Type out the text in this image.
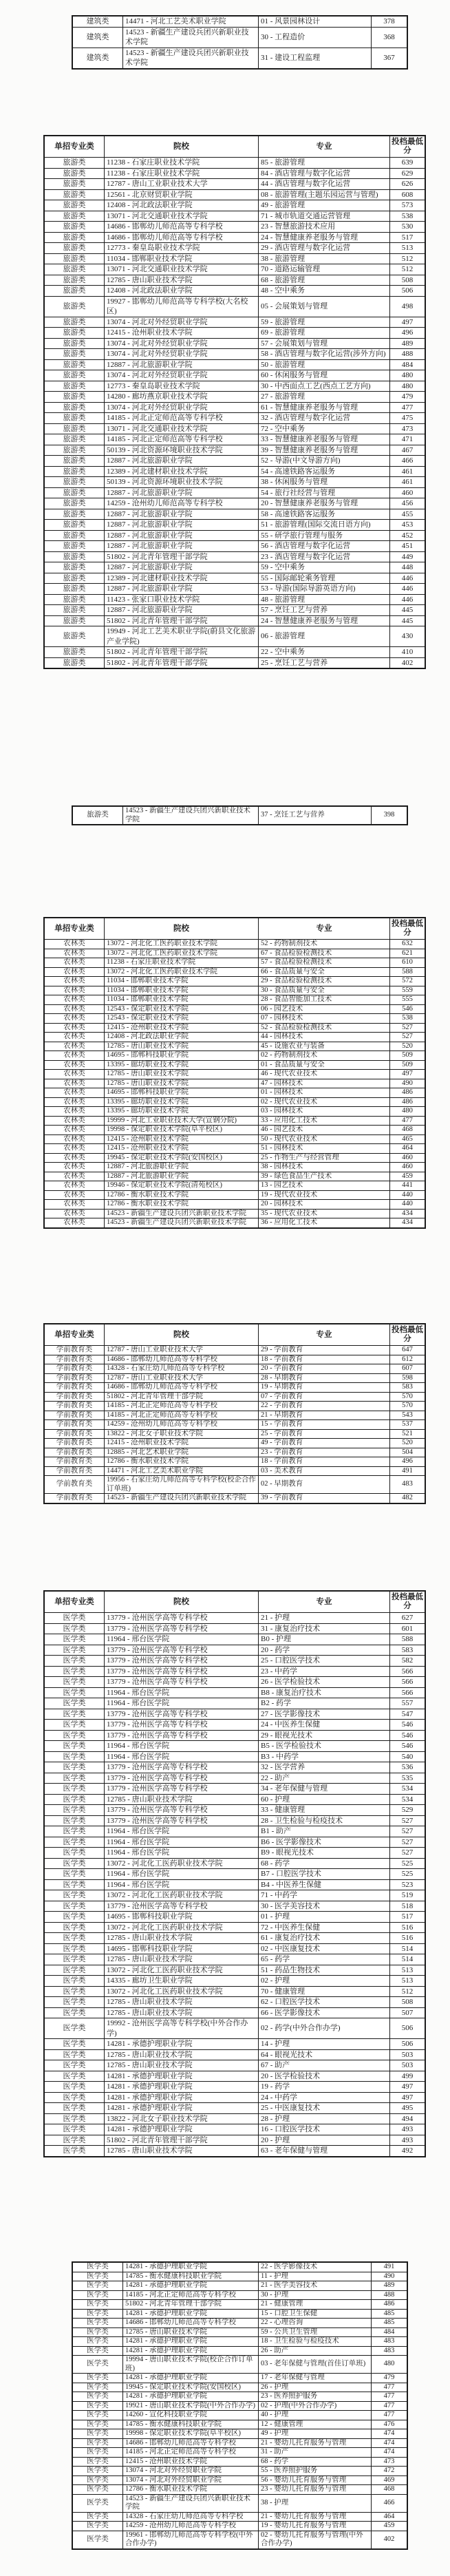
建筑类	14471 - 河北工艺美术职业学院	01 - 风景园林设计	378
建筑类	14523 - 新疆生产建设兵团兴新职业技术学院	30 - 工程造价	368
建筑类	14523 - 新疆生产建设兵团兴新职业技术学院	31 - 建设工程监理	367
单招专业类	院校	专业	投档最低分
旅游类	11238 - 石家庄职业技术学院	85 - 旅游管理	639
旅游类	11238 - 石家庄职业技术学院	84 - 酒店管理与数字化运营	629
旅游类	12787 - 唐山工业职业技术大学	44 - 酒店管理与数字化运营	626
旅游类	12561 - 北京财贸职业学院	08 - 旅游管理(主题乐园运营与管理)	608
旅游类	12408 - 河北政法职业学院	49 - 旅游管理	573
旅游类	13071 - 河北交通职业技术学院	71 - 城市轨道交通运营管理	538
旅游类	14686 - 邯郸幼儿师范高等专科学校	23 - 智慧旅游技术应用	530
旅游类	14686 - 邯郸幼儿师范高等专科学校	24 - 智慧健康养老服务与管理	517
旅游类	12773 - 秦皇岛职业技术学院	29 - 酒店管理与数字化运营	513
旅游类	11034 - 邯郸职业技术学院	38 - 旅游管理	512
旅游类	13071 - 河北交通职业技术学院	70 - 道路运输管理	512
旅游类	12785 - 唐山职业技术学院	68 - 旅游管理	508
旅游类	12408 - 河北政法职业学院	48 - 空中乘务	506
旅游类	19927 - 邯郸幼儿师范高等专科学校(大名校区)	05 - 会展策划与管理	498
旅游类	13074 - 河北对外经贸职业学院	59 - 旅游管理	497
旅游类	12415 - 沧州职业技术学院	69 - 旅游管理	496
旅游类	13074 - 河北对外经贸职业学院	57 - 会展策划与管理	489
旅游类	13074 - 河北对外经贸职业学院	58 - 酒店管理与数字化运营(涉外方向)	488
旅游类	12887 - 河北旅游职业学院	50 - 旅游管理	484
旅游类	13074 - 河北对外经贸职业学院	60 - 休闲服务与管理	480
旅游类	12773 - 秦皇岛职业技术学院	30 - 中西面点工艺(西点工艺方向)	480
旅游类	14280 - 廊坊燕京职业技术学院	27 - 旅游管理	479
旅游类	13074 - 河北对外经贸职业学院	61 - 智慧健康养老服务与管理	477
旅游类	14185 - 河北正定师范高等专科学校	32 - 酒店管理与数字化运营	475
旅游类	13071 - 河北交通职业技术学院	72 - 空中乘务	473
旅游类	14185 - 河北正定师范高等专科学校	33 - 智慧健康养老服务与管理	471
旅游类	50139 - 河北资源环境职业技术学院	39 - 智慧健康养老服务与管理	467
旅游类	12887 - 河北旅游职业学院	52 - 导游(中文导游方向)	466
旅游类	12389 - 河北建材职业技术学院	54 - 高速铁路客运服务	461
旅游类	50139 - 河北资源环境职业技术学院	38 - 休闲服务与管理	461
旅游类	12887 - 河北旅游职业学院	54 - 旅行社经营与管理	460
旅游类	14259 - 沧州幼儿师范高等专科学校	20 - 智慧健康养老服务与管理	456
旅游类	12887 - 河北旅游职业学院	58 - 高速铁路客运服务	455
旅游类	12887 - 河北旅游职业学院	51 - 旅游管理(国际交流日语方向)	453
旅游类	12887 - 河北旅游职业学院	55 - 研学旅行管理与服务	452
旅游类	12887 - 河北旅游职业学院	56 - 酒店管理与数字化运营	451
旅游类	51802 - 河北青年管理干部学院	23 - 酒店管理与数字化运营	449
旅游类	12887 - 河北旅游职业学院	59 - 空中乘务	448
旅游类	12389 - 河北建材职业技术学院	55 - 国际邮轮乘务管理	446
旅游类	12887 - 河北旅游职业学院	53 - 导游(国际导游英语方向)	446
旅游类	11423 - 张家口职业技术学院	48 - 旅游管理	446
旅游类	12887 - 河北旅游职业学院	57 - 烹饪工艺与营养	445
旅游类	51802 - 河北青年管理干部学院	24 - 智慧健康养老服务与管理	445
旅游类	19949 - 河北工艺美术职业学院(蔚县文化旅游产业学院)	06 - 旅游管理	430
旅游类	51802 - 河北青年管理干部学院	22 - 空中乘务	410
旅游类	51802 - 河北青年管理干部学院	25 - 烹饪工艺与营养	402
旅游类	14523 - 新疆生产建设兵团兴新职业技术学院	37 - 烹饪工艺与营养	398
单招专业类	院校	专业	投档最低分
农林类	13072 - 河北化工医药职业技术学院	52 - 药物制剂技术	632
农林类	13072 - 河北化工医药职业技术学院	67 - 食品检验检测技术	621
农林类	11238 - 石家庄职业技术学院	57 - 食品检验检测技术	610
农林类	13072 - 河北化工医药职业技术学院	66 - 食品质量与安全	588
农林类	11034 - 邯郸职业技术学院	29 - 食品检验检测技术	572
农林类	11034 - 邯郸职业技术学院	30 - 食品质量与安全	559
农林类	11034 - 邯郸职业技术学院	28 - 食品智能加工技术	555
农林类	12543 - 保定职业技术学院	06 - 园艺技术	546
农林类	12543 - 保定职业技术学院	07 - 园林技术	538
农林类	12415 - 沧州职业技术学院	52 - 食品检验检测技术	527
农林类	12408 - 河北政法职业学院	44 - 园林技术	527
农林类	12785 - 唐山职业技术学院	45 - 设施农业与装备	520
农林类	14695 - 邯郸科技职业学院	02 - 药物制剂技术	509
农林类	13395 - 廊坊职业技术学院	01 - 食品质量与安全	509
农林类	12785 - 唐山职业技术学院	46 - 现代农业技术	497
农林类	12785 - 唐山职业技术学院	47 - 园林技术	490
农林类	14695 - 邯郸科技职业学院	01 - 园林技术	486
农林类	13395 - 廊坊职业技术学院	02 - 现代农业技术	486
农林类	13395 - 廊坊职业技术学院	03 - 园林技术	480
农林类	19999 - 河北工业职业技术大学(宣钢分院)	33 - 应用化工技术	477
农林类	19998 - 保定职业技术学院(阜平校区)	46 - 园艺技术	468
农林类	12415 - 沧州职业技术学院	50 - 现代农业技术	465
农林类	12415 - 沧州职业技术学院	51 - 园林技术	464
农林类	19945 - 保定职业技术学院(安国校区)	25 - 作物生产与经营管理	460
农林类	12887 - 河北旅游职业学院	38 - 园林技术	460
农林类	12887 - 河北旅游职业学院	39 - 绿色食品生产技术	459
农林类	19946 - 保定职业技术学院(清苑校区)	13 - 园艺技术	441
农林类	12786 - 衡水职业技术学院	19 - 现代农业技术	440
农林类	12786 - 衡水职业技术学院	20 - 园林技术	440
农林类	14523 - 新疆生产建设兵团兴新职业技术学院	35 - 现代农业技术	434
农林类	14523 - 新疆生产建设兵团兴新职业技术学院	36 - 应用化工技术	434
单招专业类	院校	专业	投档最低分
学前教育类	12787 - 唐山工业职业技术大学	29 - 学前教育	647
学前教育类	14686 - 邯郸幼儿师范高等专科学校	18 - 学前教育	612
学前教育类	14328 - 石家庄幼儿师范高等专科学校	20 - 学前教育	607
学前教育类	12787 - 唐山工业职业技术大学	28 - 早期教育	598
学前教育类	14686 - 邯郸幼儿师范高等专科学校	19 - 早期教育	583
学前教育类	51802 - 河北青年管理干部学院	07 - 学前教育	570
学前教育类	14185 - 河北正定师范高等专科学校	22 - 学前教育	570
学前教育类	14185 - 河北正定师范高等专科学校	21 - 早期教育	543
学前教育类	14259 - 沧州幼儿师范高等专科学校	15 - 学前教育	537
学前教育类	13822 - 河北女子职业技术学院	25 - 学前教育	521
学前教育类	12415 - 沧州职业技术学院	49 - 学前教育	520
学前教育类	12885 - 河北艺术职业学院	23 - 学前教育	504
学前教育类	12786 - 衡水职业技术学院	18 - 学前教育	496
学前教育类	14471 - 河北工艺美术职业学院	03 - 美术教育	491
学前教育类	19956 - 石家庄幼儿师范高等专科学校(校企合作订单班)	02 - 早期教育	483
学前教育类	14523 - 新疆生产建设兵团兴新职业技术学院	39 - 学前教育	482
单招专业类	院校	专业	投档最低分
医学类	13779 - 沧州医学高等专科学校	21 - 护理	627
医学类	13779 - 沧州医学高等专科学校	31 - 康复治疗技术	601
医学类	11964 - 邢台医学院	B0 - 护理	588
医学类	13779 - 沧州医学高等专科学校	20 - 药学	583
医学类	13779 - 沧州医学高等专科学校	25 - 口腔医学技术	582
医学类	13779 - 沧州医学高等专科学校	23 - 中药学	566
医学类	13779 - 沧州医学高等专科学校	26 - 医学检验技术	566
医学类	11964 - 邢台医学院	B8 - 康复治疗技术	566
医学类	11964 - 邢台医学院	B2 - 药学	557
医学类	13779 - 沧州医学高等专科学校	27 - 医学影像技术	547
医学类	13779 - 沧州医学高等专科学校	24 - 中医养生保健	546
医学类	13779 - 沧州医学高等专科学校	29 - 眼视光技术	546
医学类	11964 - 邢台医学院	B5 - 医学检验技术	546
医学类	11964 - 邢台医学院	B3 - 中药学	540
医学类	13779 - 沧州医学高等专科学校	32 - 医学营养	536
医学类	13779 - 沧州医学高等专科学校	22 - 助产	535
医学类	13779 - 沧州医学高等专科学校	34 - 老年保健与管理	534
医学类	12785 - 唐山职业技术学院	60 - 护理	534
医学类	13779 - 沧州医学高等专科学校	33 - 健康管理	529
医学类	13779 - 沧州医学高等专科学校	28 - 卫生检验与检疫技术	527
医学类	11964 - 邢台医学院	B1 - 助产	527
医学类	11964 - 邢台医学院	B6 - 医学影像技术	527
医学类	11964 - 邢台医学院	B9 - 眼视光技术	527
医学类	13072 - 河北化工医药职业技术学院	68 - 药学	525
医学类	11964 - 邢台医学院	B7 - 口腔医学技术	525
医学类	11964 - 邢台医学院	B4 - 中医养生保健	523
医学类	13072 - 河北化工医药职业技术学院	71 - 中药学	519
医学类	13779 - 沧州医学高等专科学校	30 - 医学美容技术	518
医学类	14695 - 邯郸科技职业学院	01 - 护理	517
医学类	13072 - 河北化工医药职业技术学院	72 - 中医养生保健	516
医学类	12785 - 唐山职业技术学院	61 - 康复治疗技术	516
医学类	14695 - 邯郸科技职业学院	02 - 中医康复技术	514
医学类	12785 - 唐山职业技术学院	65 - 药学	514
医学类	13072 - 河北化工医药职业技术学院	51 - 药品生物技术	513
医学类	14335 - 廊坊卫生职业学院	02 - 护理	513
医学类	13072 - 河北化工医药职业技术学院	70 - 健康管理	512
医学类	12785 - 唐山职业技术学院	62 - 口腔医学技术	508
医学类	12785 - 唐山职业技术学院	66 - 医学影像技术	507
医学类	19992 - 沧州医学高等专科学校(中外合作办学)	02 - 药学(中外合作办学)	506
医学类	14281 - 承德护理职业学院	14 - 护理	506
医学类	12785 - 唐山职业技术学院	64 - 眼视光技术	503
医学类	12785 - 唐山职业技术学院	67 - 助产	503
医学类	14281 - 承德护理职业学院	20 - 医学检验技术	499
医学类	14281 - 承德护理职业学院	19 - 药学	497
医学类	14281 - 承德护理职业学院	24 - 中药学	497
医学类	14281 - 承德护理职业学院	25 - 中医康复技术	495
医学类	13822 - 河北女子职业技术学院	28 - 护理	494
医学类	14281 - 承德护理职业学院	16 - 口腔医学技术	493
医学类	51802 - 河北青年管理干部学院	20 - 护理	493
医学类	12785 - 唐山职业技术学院	63 - 老年保健与管理	492
医学类	14281 - 承德护理职业学院	22 - 医学影像技术	491
医学类	14785 - 衡水健康科技职业学院	11 - 护理	490
医学类	14281 - 承德护理职业学院	21 - 医学美容技术	489
医学类	14185 - 河北正定师范高等专科学校	30 - 护理	488
医学类	51802 - 河北青年管理干部学院	21 - 健康管理	486
医学类	14281 - 承德护理职业学院	15 - 口腔卫生保健	485
医学类	14686 - 邯郸幼儿师范高等专科学校	22 - 心理咨询	485
医学类	12785 - 唐山职业技术学院	59 - 公共卫生管理	484
医学类	14281 - 承德护理职业学院	18 - 卫生检验与检疫技术	483
医学类	14281 - 承德护理职业学院	26 - 助产	483
医学类	19994 - 唐山职业技术学院(校企合作订单班)	03 - 老年保健与管理(首佳订单班)	480
医学类	14281 - 承德护理职业学院	17 - 老年保健与管理	479
医学类	19945 - 保定职业技术学院(安国校区)	26 - 护理	477
医学类	14281 - 承德护理职业学院	23 - 医养照护服务	477
医学类	19921 - 唐山职业技术学院(中外合作办学)	02 - 护理(中外合作办学)	477
医学类	14260 - 宣化科技职业学院	40 - 护理	477
医学类	14785 - 衡水健康科技职业学院	12 - 健康管理	476
医学类	19998 - 保定职业技术学院(阜平校区)	49 - 护理	474
医学类	14686 - 邯郸幼儿师范高等专科学校	21 - 婴幼儿托育服务与管理	474
医学类	14185 - 河北正定师范高等专科学校	31 - 助产	474
医学类	12415 - 沧州职业技术学院	68 - 药学	473
医学类	13074 - 河北对外经贸职业学院	55 - 医养照护服务	472
医学类	13074 - 河北对外经贸职业学院	56 - 婴幼儿托育服务与管理	469
医学类	12786 - 衡水职业技术学院	23 - 婴幼儿托育服务与管理	468
医学类	14523 - 新疆生产建设兵团兴新职业技术学院	38 - 护理	466
医学类	14328 - 石家庄幼儿师范高等专科学校	21 - 婴幼儿托育服务与管理	464
医学类	14259 - 沧州幼儿师范高等专科学校	19 - 婴幼儿托育服务与管理	459
医学类	19961 - 邯郸幼儿师范高等专科学校(中外合作办学)	02 - 婴幼儿托育服务与管理(中外合作办学)	402
